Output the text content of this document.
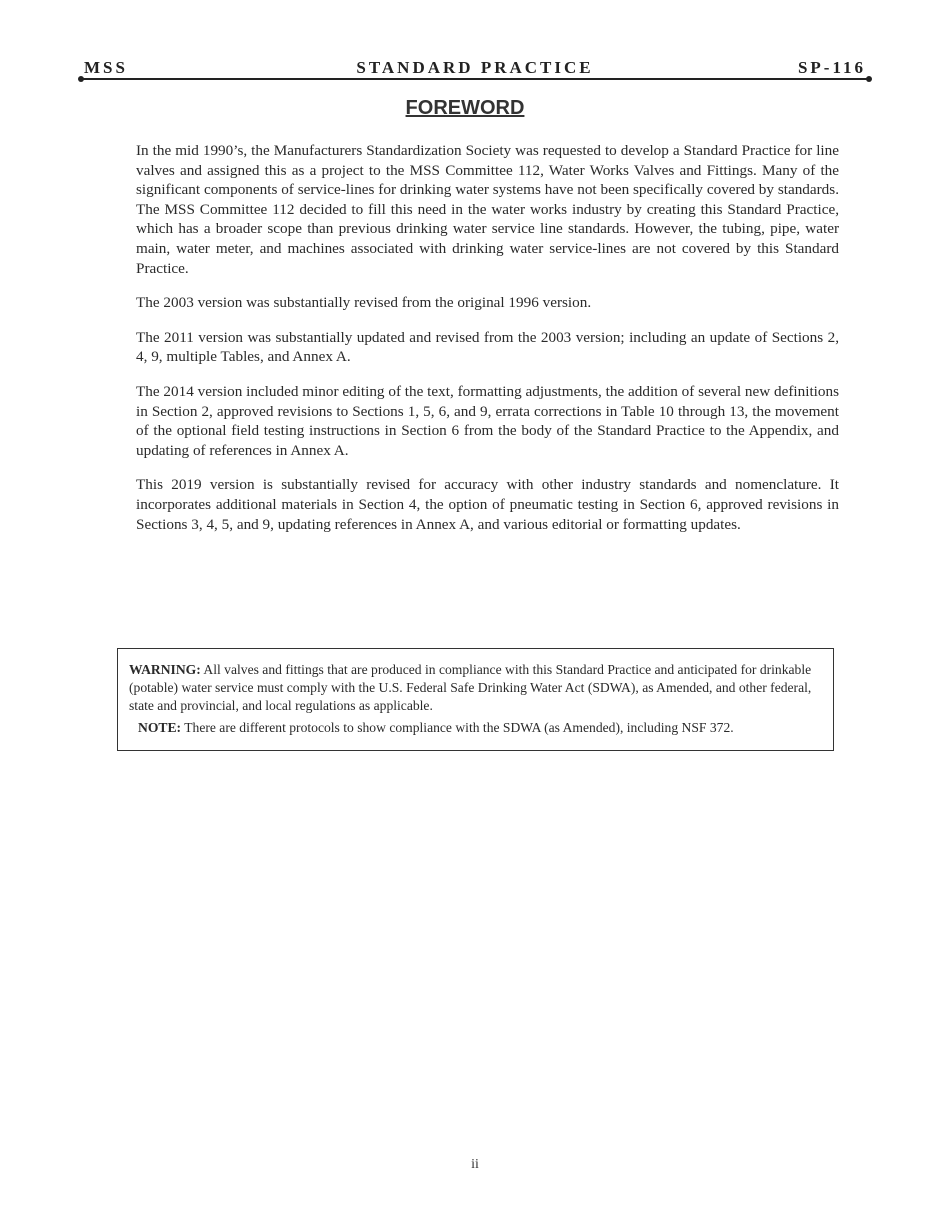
MSS	STANDARD PRACTICE	SP-116
FOREWORD

In the mid 1990’s, the Manufacturers Standardization Society was requested to develop a Standard Practice for line valves and assigned this as a project to the MSS Committee 112, Water Works Valves and Fittings. Many of the significant components of service-lines for drinking water systems have not been specifically covered by standards. The MSS Committee 112 decided to fill this need in the water works industry by creating this Standard Practice, which has a broader scope than previous drinking water service line standards. However, the tubing, pipe, water main, water meter, and machines associated with drinking water service-lines are not covered by this Standard Practice.

The 2003 version was substantially revised from the original 1996 version.

The 2011 version was substantially updated and revised from the 2003 version; including an update of Sections 2, 4, 9, multiple Tables, and Annex A.

The 2014 version included minor editing of the text, formatting adjustments, the addition of several new definitions in Section 2, approved revisions to Sections 1, 5, 6, and 9, errata corrections in Table 10 through 13, the movement of the optional field testing instructions in Section 6 from the body of the Standard Practice to the Appendix, and updating of references in Annex A.

This 2019 version is substantially revised for accuracy with other industry standards and nomenclature. It incorporates additional materials in Section 4, the option of pneumatic testing in Section 6, approved revisions in Sections 3, 4, 5, and 9, updating references in Annex A, and various editorial or formatting updates.

WARNING: All valves and fittings that are produced in compliance with this Standard Practice and anticipated for drinkable (potable) water service must comply with the U.S. Federal Safe Drinking Water Act (SDWA), as Amended, and other federal, state and provincial, and local regulations as applicable.

NOTE: There are different protocols to show compliance with the SDWA (as Amended), including NSF 372.

ii
